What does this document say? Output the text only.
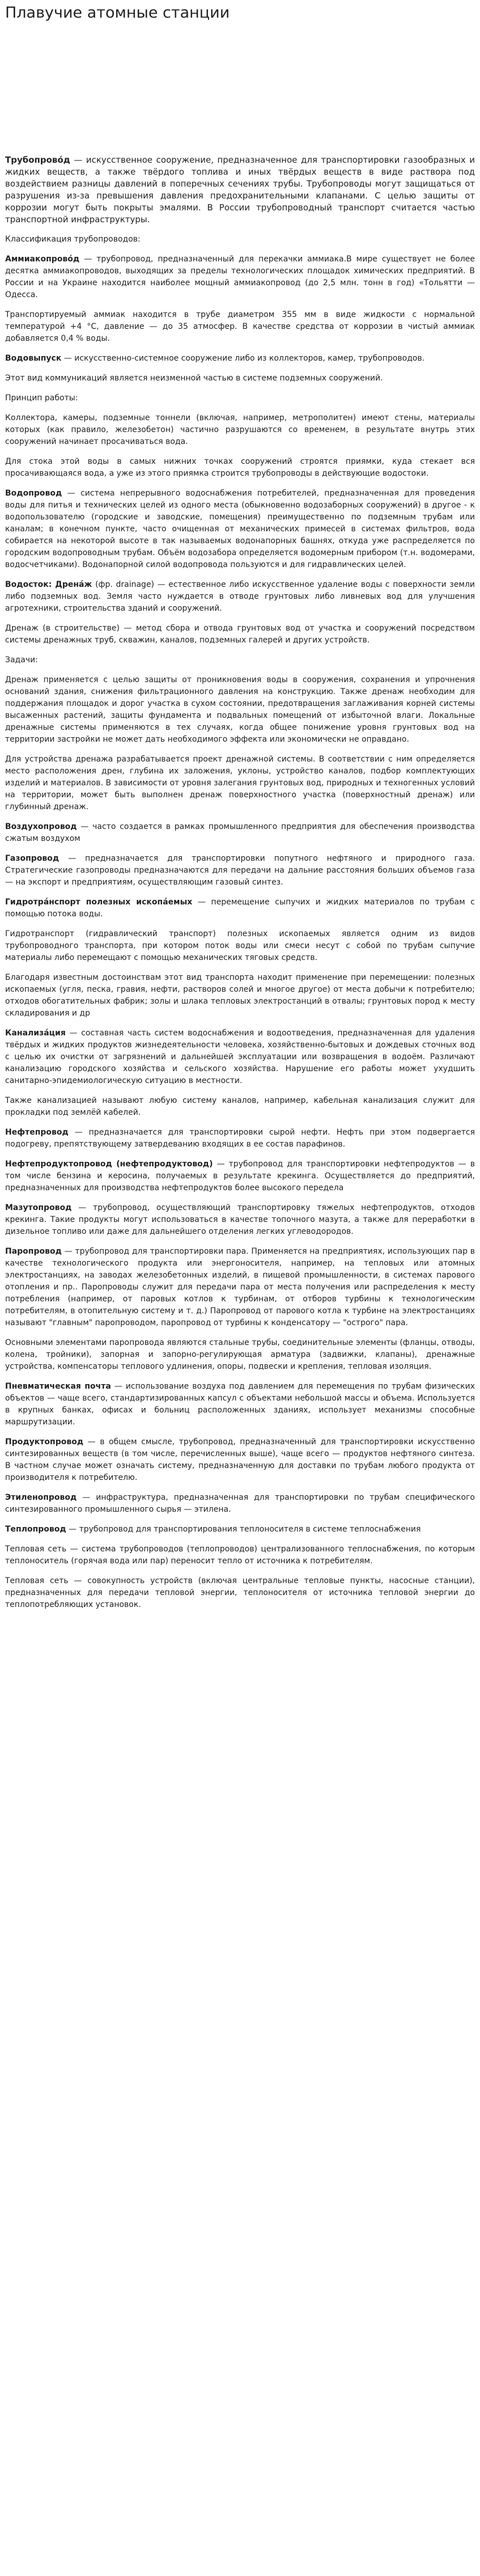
Плавучие атомные станции

Трубопрово́д — искусственное сооружение, предназначенное для транспортировки газообразных и жидких веществ, а также твёрдого топлива и иных твёрдых веществ в виде раствора под воздействием разницы давлений в поперечных сечениях трубы. Трубопроводы могут защищаться от разрушения из-за превышения давления предохранительными клапанами. С целью защиты от коррозии могут быть покрыты эмалями. В России трубопроводный транспорт считается частью транспортной инфраструктуры.

Классификация трубопроводов:

Аммиакопрово́д — трубопровод, предназначенный для перекачки аммиака.В мире существует не более десятка аммиакопроводов, выходящих за пределы технологических площадок химических предприятий. В России и на Украине находится наиболее мощный аммиакопровод (до 2,5 млн. тонн в год) «Тольятти — Одесса.

Транспортируемый аммиак находится в трубе диаметром 355 мм в виде жидкости с нормальной температурой +4 °С, давление — до 35 атмосфер. В качестве средства от коррозии в чистый аммиак добавляется 0,4 % воды.

Водовыпуск — искусственно-системное сооружение либо из коллекторов, камер, трубопроводов.

Этот вид коммуникаций является неизменной частью в системе подземных сооружений.

Принцип работы:

Коллектора, камеры, подземные тоннели (включая, например, метрополитен) имеют стены, материалы которых (как правило, железобетон) частично разрушаются со временем, в результате внутрь этих сооружений начинает просачиваться вода.

Для стока этой воды в самых нижних точках сооружений строятся приямки, куда стекает вся просачивающаяся вода, а уже из этого приямка строится трубопроводы в действующие водостоки.

Водопровод — система непрерывного водоснабжения потребителей, предназначенная для проведения воды для питья и технических целей из одного места (обыкновенно водозаборных сооружений) в другое - к водопользователю (городские и заводские, помещения) преимущественно по подземным трубам или каналам; в конечном пункте, часто очищенная от механических примесей в системах фильтров, вода собирается на некоторой высоте в так называемых водонапорных башнях, откуда уже распределяется по городским водопроводным трубам. Объём водозабора определяется водомерным прибором (т.н. водомерами, водосчетчиками). Водонапорной силой водопровода пользуются и для гидравлических целей.

Водосток: Дрена́ж (фр. drainage) — естественное либо искусственное удаление воды с поверхности земли либо подземных вод. Земля часто нуждается в отводе грунтовых либо ливневых вод для улучшения агротехники, строительства зданий и сооружений.

Дренаж (в строительстве) — метод сбора и отвода грунтовых вод от участка и сооружений посредством системы дренажных труб, скважин, каналов, подземных галерей и других устройств.

Задачи:

Дренаж применяется с целью защиты от проникновения воды в сооружения, сохранения и упрочнения оснований здания, снижения фильтрационного давления на конструкцию. Также дренаж необходим для поддержания площадок и дорог участка в сухом состоянии, предотвращения заглаживания корней системы высаженных растений, защиты фундамента и подвальных помещений от избыточной влаги. Локальные дренажные системы применяются в тех случаях, когда общее понижение уровня грунтовых вод на территории застройки не может дать необходимого эффекта или экономически не оправдано.

Для устройства дренажа разрабатывается проект дренажной системы. В соответствии с ним определяется место расположения дрен, глубина их заложения, уклоны, устройство каналов, подбор комплектующих изделий и материалов. В зависимости от уровня залегания грунтовых вод, природных и техногенных условий на территории, может быть выполнен дренаж поверхностного участка (поверхностный дренаж) или глубинный дренаж.

Воздухопровод — часто создается в рамках промышленного предприятия для обеспечения производства сжатым воздухом

Газопровод — предназначается для транспортировки попутного нефтяного и природного газа. Стратегические газопроводы предназначаются для передачи на дальние расстояния больших объемов газа — на экспорт и предприятиям, осуществляющим газовый синтез.

Гидротра́нспорт полезных ископа́емых — перемещение сыпучих и жидких материалов по трубам с помощью потока воды.

Гидротранспорт (гидравлический транспорт) полезных ископаемых является одним из видов трубопроводного транспорта, при котором поток воды или смеси несут с собой по трубам сыпучие материалы либо перемещают с помощью механических тяговых средств.

Благодаря известным достоинствам этот вид транспорта находит применение при перемещении: полезных ископаемых (угля, песка, гравия, нефти, растворов солей и многое другое) от места добычи к потребителю; отходов обогатительных фабрик; золы и шлака тепловых электростанций в отвалы; грунтовых пород к месту складирования и др

Канализа́ция — составная часть систем водоснабжения и водоотведения, предназначенная для удаления твёрдых и жидких продуктов жизнедеятельности человека, хозяйственно-бытовых и дождевых сточных вод с целью их очистки от загрязнений и дальнейшей эксплуатации или возвращения в водоём. Различают канализацию городского хозяйства и сельского хозяйства. Нарушение его работы может ухудшить санитарно-эпидемиологическую ситуацию в местности.

Также канализацией называют любую систему каналов, например, кабельная канализация служит для прокладки под землёй кабелей.

Нефтепровод — предназначается для транспортировки сырой нефти. Нефть при этом подвергается подогреву, препятствующему затвердеванию входящих в ее состав парафинов.

Нефтепродуктопровод (нефтепродуктовод) — трубопровод для транспортировки нефтепродуктов — в том числе бензина и керосина, получаемых в результате крекинга. Осуществляется до предприятий, предназначенных для производства нефтепродуктов более высокого передела

Мазутопровод — трубопровод, осуществляющий транспортировку тяжелых нефтепродуктов, отходов крекинга. Такие продукты могут использоваться в качестве топочного мазута, а также для переработки в дизельное топливо или даже для дальнейшего отделения легких углеводородов.

Паропровод — трубопровод для транспортировки пара. Применяется на предприятиях, использующих пар в качестве технологического продукта или энергоносителя, например, на тепловых или атомных электростанциях, на заводах железобетонных изделий, в пищевой промышленности, в системах парового отопления и пр.. Паропроводы служит для передачи пара от места получения или распределения к месту потребления (например, от паровых котлов к турбинам, от отборов турбины к технологическим потребителям, в отопительную систему и т. д.) Паропровод от парового котла к турбине на электростанциях называют "главным" паропроводом, паропровод от турбины к конденсатору — "острого" пара.

Основными элементами паропровода являются стальные трубы, соединительные элементы (фланцы, отводы, колена, тройники), запорная и запорно-регулирующая арматура (задвижки, клапаны), дренажные устройства, компенсаторы теплового удлинения, опоры, подвески и крепления, тепловая изоляция.

Пневматическая почта — использование воздуха под давлением для перемещения по трубам физических объектов — чаще всего, стандартизированных капсул с объектами небольшой массы и объема. Используется в крупных банках, офисах и больниц расположенных зданиях, использует механизмы способные маршрутизации.

Продуктопровод — в общем смысле, трубопровод, предназначенный для транспортировки искусственно синтезированных веществ (в том числе, перечисленных выше), чаще всего — продуктов нефтяного синтеза. В частном случае может означать систему, предназначенную для доставки по трубам любого продукта от производителя к потребителю.

Этиленопровод — инфраструктура, предназначенная для транспортировки по трубам специфического синтезированного промышленного сырья — этилена.

Теплопровод — трубопровод для транспортирования теплоносителя в системе теплоснабжения

Тепловая сеть — система трубопроводов (теплопроводов) централизованного теплоснабжения, по которым теплоноситель (горячая вода или пар) переносит тепло от источника к потребителям.

Тепловая сеть — совокупность устройств (включая центральные тепловые пункты, насосные станции), предназначенных для передачи тепловой энергии, теплоносителя от источника тепловой энергии до теплопотребляющих установок.
